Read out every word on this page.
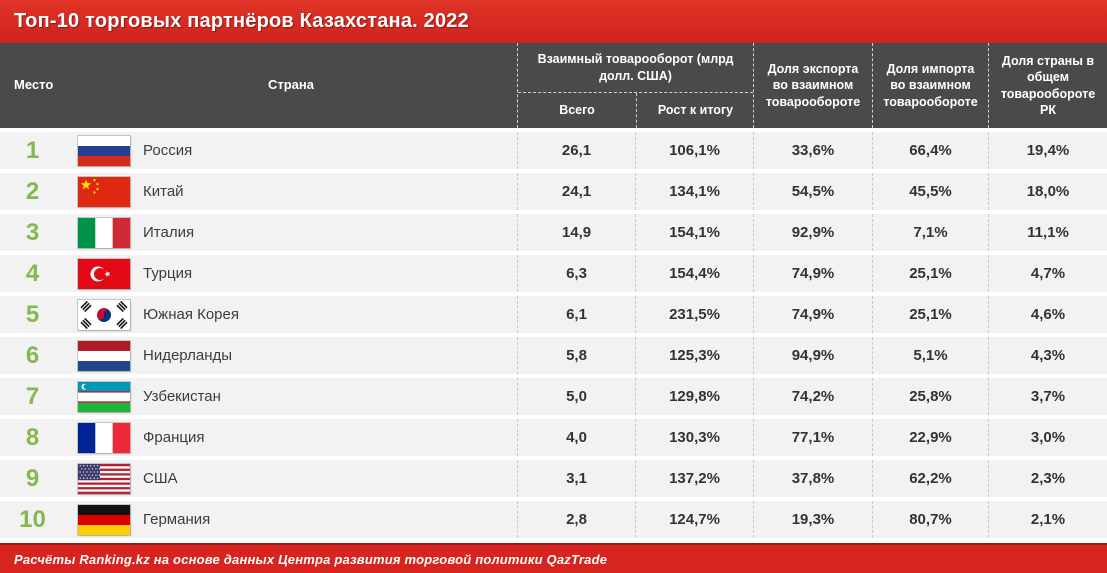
Топ-10 торговых партнёров Казахстана. 2022
Место	Страна
Взаимный товарооборот (млрд долл. США)
Всего	Рост к итогу
Доля экспорта во взаимном товарообороте
Доля импорта во взаимном товарообороте
Доля страны в общем товарообороте РК
1	Россия	26,1	106,1%	33,6%	66,4%	19,4%
2	Китай	24,1	134,1%	54,5%	45,5%	18,0%
3	Италия	14,9	154,1%	92,9%	7,1%	11,1%
4	Турция	6,3	154,4%	74,9%	25,1%	4,7%
5	Южная Корея	6,1	231,5%	74,9%	25,1%	4,6%
6	Нидерланды	5,8	125,3%	94,9%	5,1%	4,3%
7	Узбекистан	5,0	129,8%	74,2%	25,8%	3,7%
8	Франция	4,0	130,3%	77,1%	22,9%	3,0%
9	США	3,1	137,2%	37,8%	62,2%	2,3%
10	Германия	2,8	124,7%	19,3%	80,7%	2,1%
Расчёты Ranking.kz на основе данных Центра развития торговой политики QazTrade
